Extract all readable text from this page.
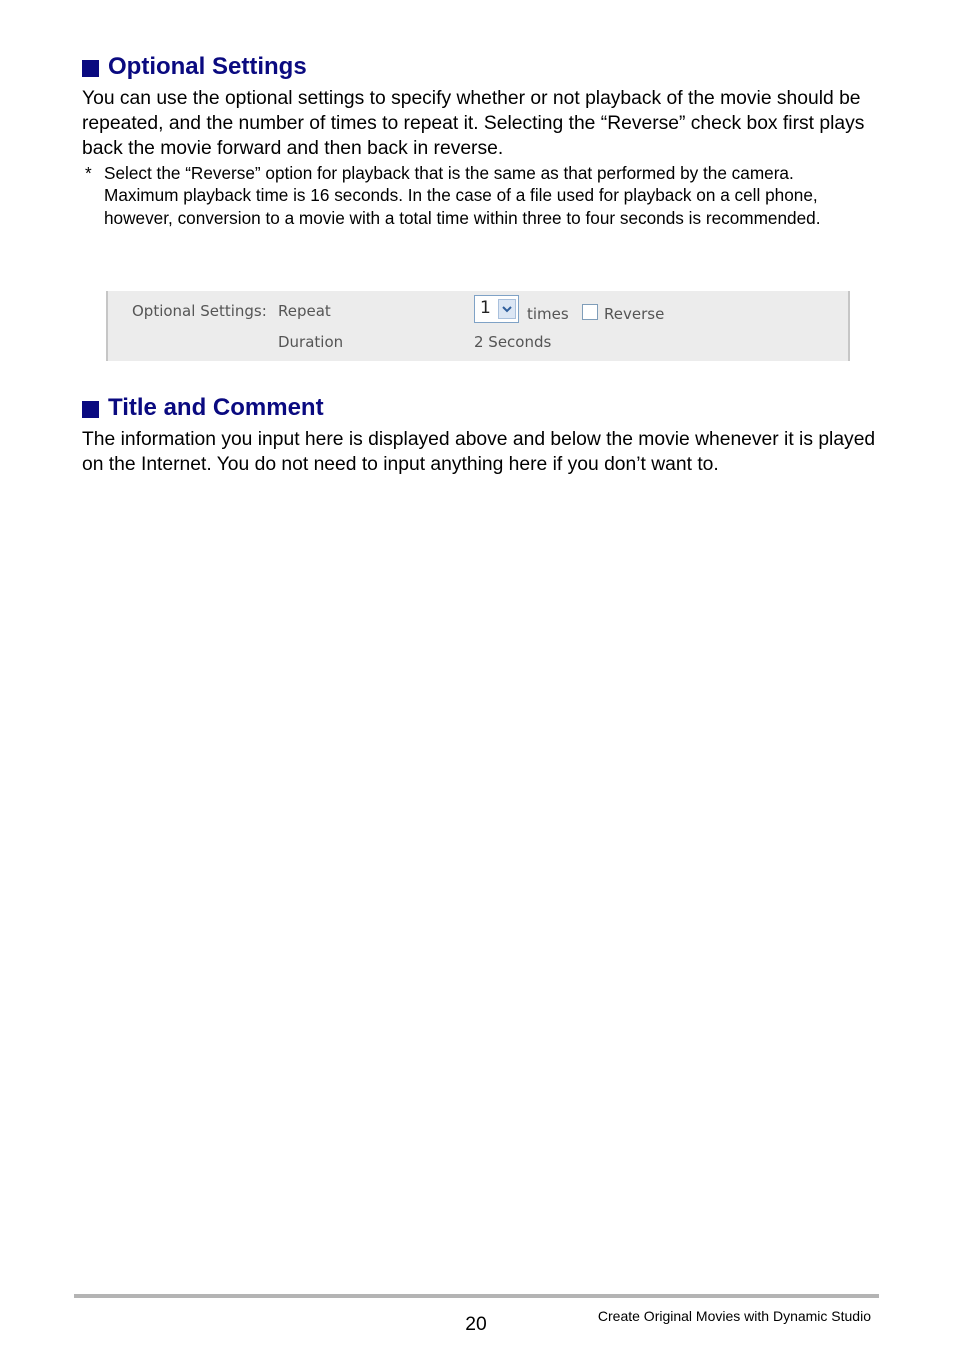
Optional Settings
You can use the optional settings to specify whether or not playback of the movie should be repeated, and the number of times to repeat it. Selecting the “Reverse” check box first plays back the movie forward and then back in reverse.
* Select the “Reverse” option for playback that is the same as that performed by the camera.

Maximum playback time is 16 seconds. In the case of a file used for playback on a cell phone, however, conversion to a movie with a total time within three to four seconds is recommended.

Optional Settings: Repeat	1 times Reverse
Duration	2 Seconds
Title and Comment
The information you input here is displayed above and below the movie whenever it is played on the Internet. You do not need to input anything here if you don’t want to.
20	Create Original Movies with Dynamic Studio
